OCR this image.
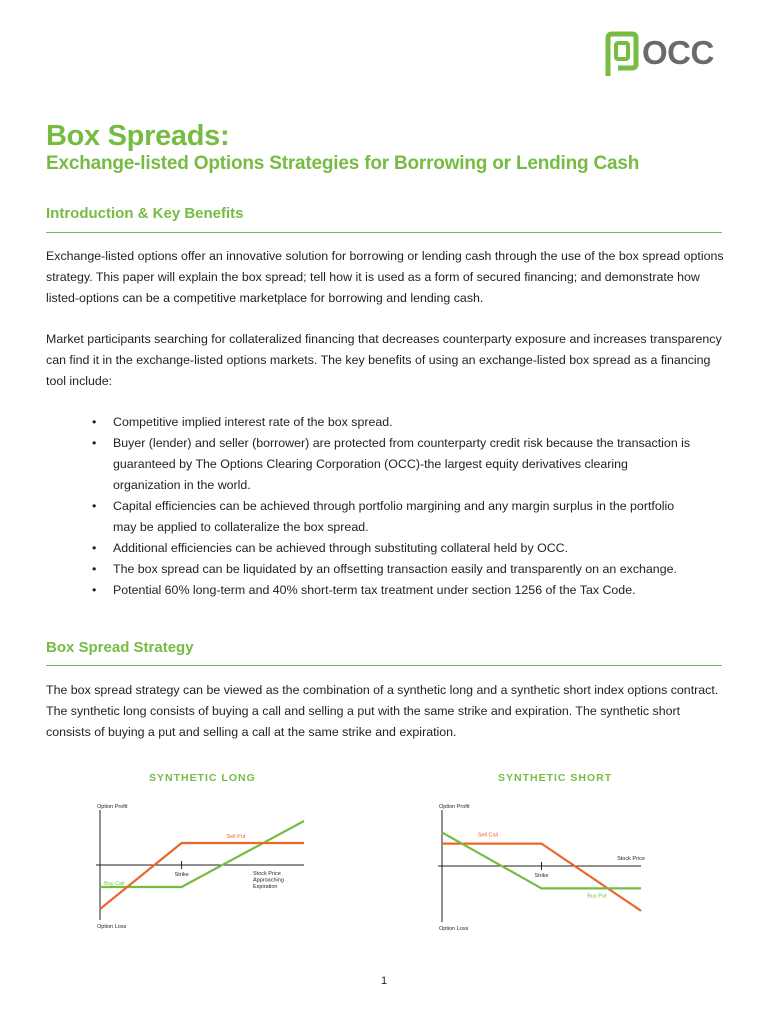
OCC
Box Spreads:
Exchange-listed Options Strategies for Borrowing or Lending Cash
Introduction & Key Benefits

Exchange-listed options offer an innovative solution for borrowing or lending cash through the use of the box spread options strategy. This paper will explain the box spread; tell how it is used as a form of secured financing; and demonstrate how listed-options can be a competitive marketplace for borrowing and lending cash.

Market participants searching for collateralized financing that decreases counterparty exposure and increases transparency can find it in the exchange-listed options markets. The key benefits of using an exchange-listed box spread as a financing tool include:

• Competitive implied interest rate of the box spread.
• Buyer (lender) and seller (borrower) are protected from counterparty credit risk because the transaction is guaranteed by The Options Clearing Corporation (OCC)-the largest equity derivatives clearing organization in the world.
• Capital efficiencies can be achieved through portfolio margining and any margin surplus in the portfolio may be applied to collateralize the box spread.
• Additional efficiencies can be achieved through substituting collateral held by OCC.
• The box spread can be liquidated by an offsetting transaction easily and transparently on an exchange.
• Potential 60% long-term and 40% short-term tax treatment under section 1256 of the Tax Code.
Box Spread Strategy

The box spread strategy can be viewed as the combination of a synthetic long and a synthetic short index options contract. The synthetic long consists of buying a call and selling a put with the same strike and expiration. The synthetic short consists of buying a put and selling a call at the same strike and expiration.

SYNTHETIC LONG	SYNTHETIC SHORT
Option Profit
Option Loss
Strike	Stock Price Approaching Expiration
Buy Call
Sell Put
Option Profit
Option Loss
Strike
Stock Price
Sell Call
Buy Put
1
